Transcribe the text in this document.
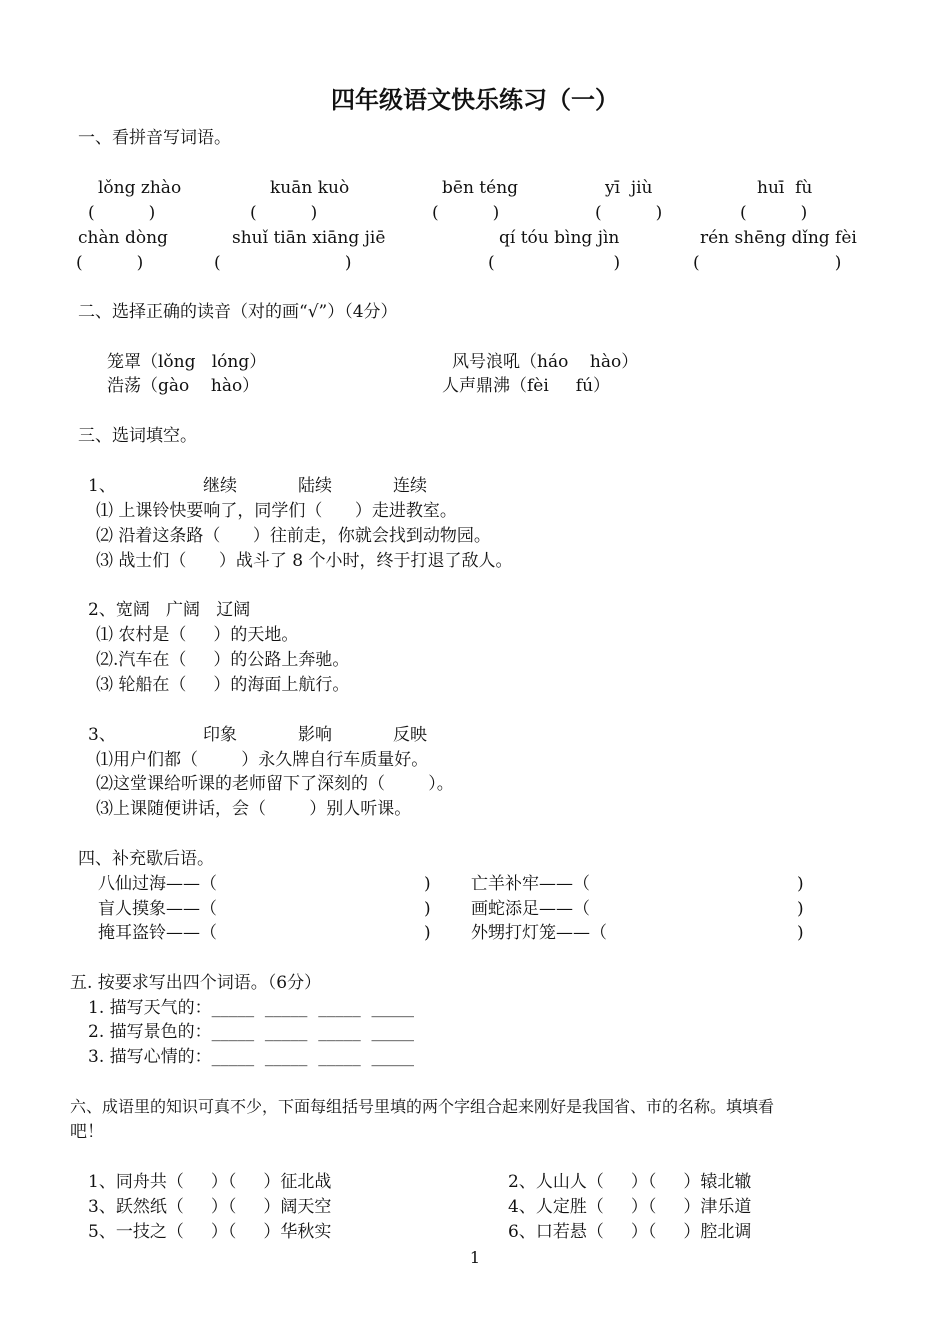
四年级语文快乐练习（一）
一、看拼音写词语。
lǒng zhào	kuān kuò	bēn téng	yī  jiù	huī  fù
(          )	(          )	(          )	(          )	(          )
chàn dòng	shuǐ tiān xiāng jiē	qí tóu bìng jìn	rén shēng dǐng fèi
(          )	(                       )	(                      )	(                         )
二、选择正确的读音（对的画“√”）（4分）
笼罩（lǒng   lóng）	风号浪吼（háo    hào）
浩荡（gào    hào）	人声鼎沸（fèi     fú）
三、选词填空。
1、	继续	陆续	连续
⑴ 上课铃快要响了，同学们（      ）走进教室。
⑵ 沿着这条路（      ）往前走，你就会找到动物园。
⑶ 战士们（      ）战斗了 8 个小时，终于打退了敌人。
2、宽阔   广阔   辽阔
⑴ 农村是（     ）的天地。
⑵.汽车在（     ）的公路上奔驰。
⑶ 轮船在（     ）的海面上航行。
3、	印象	影响	反映
⑴用户们都（        ）永久牌自行车质量好。
⑵这堂课给听课的老师留下了深刻的（        ）。
⑶上课随便讲话，会（        ）别人听课。
四、补充歇后语。
八仙过海——（	) 亡羊补牢——（	)
盲人摸象——（	) 画蛇添足——（	)
掩耳盗铃——（	) 外甥打灯笼——（	)
五. 按要求写出四个词语。（6分）
1. 描写天气的：_____  _____  _____  _____
2. 描写景色的：_____  _____  _____  _____
3. 描写心情的：_____  _____  _____  _____
六、成语里的知识可真不少，下面每组括号里填的两个字组合起来刚好是我国省、市的名称。填填看
吧！
1、同舟共（     ）（     ）征北战	2、人山人（     ）（     ）辕北辙
3、跃然纸（     ）（     ）阔天空	4、人定胜（     ）（     ）津乐道
5、一技之（     ）（     ）华秋实	6、口若悬（     ）（     ）腔北调
1
